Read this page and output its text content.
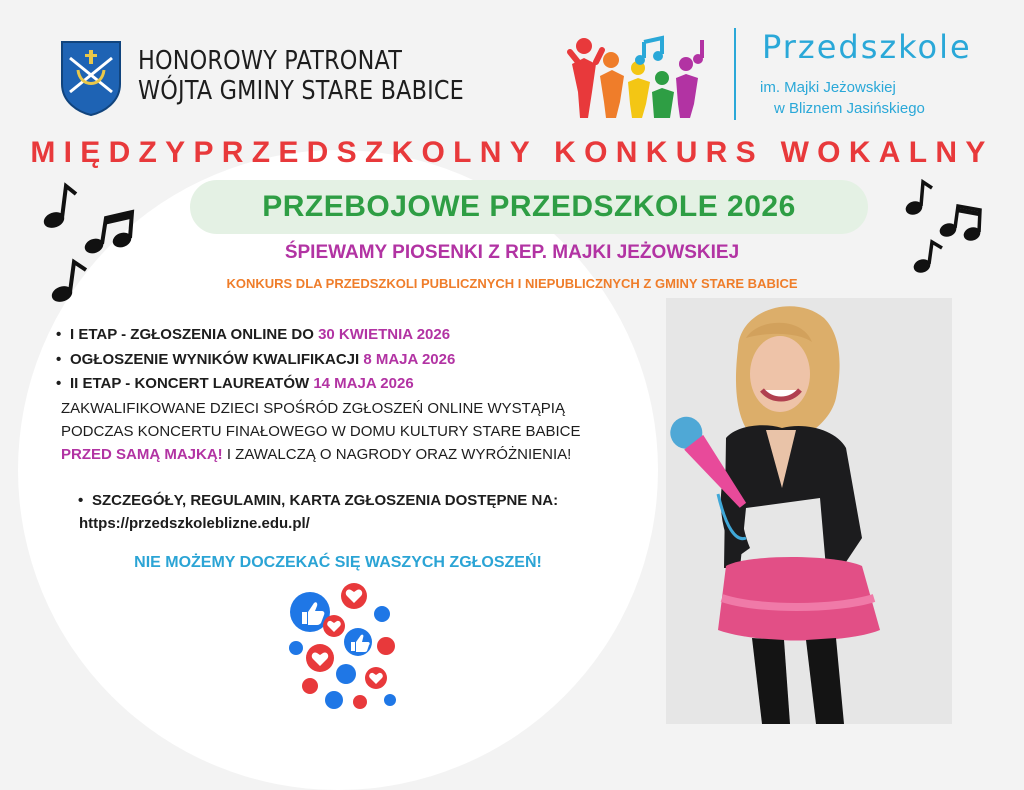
HONOROWY PATRONAT
WÓJTA GMINY STARE BABICE
Przedszkole
im. Majki Jeżowskiej
w Bliznem Jasińskiego
MIĘDZYPRZEDSZKOLNY KONKURS WOKALNY
PRZEBOJOWE PRZEDSZKOLE 2026
ŚPIEWAMY PIOSENKI Z REP. MAJKI JEŻOWSKIEJ
KONKURS DLA PRZEDSZKOLI PUBLICZNYCH I NIEPUBLICZNYCH Z GMINY STARE BABICE
• I ETAP - ZGŁOSZENIA ONLINE DO 30 KWIETNIA 2026
• OGŁOSZENIE WYNIKÓW KWALIFIKACJI 8 MAJA 2026
• II ETAP - KONCERT LAUREATÓW 14 MAJA 2026
ZAKWALIFIKOWANE DZIECI SPOŚRÓD ZGŁOSZEŃ ONLINE WYSTĄPIĄ
PODCZAS KONCERTU FINAŁOWEGO W DOMU KULTURY STARE BABICE
PRZED SAMĄ MAJKĄ! I ZAWALCZĄ O NAGRODY ORAZ WYRÓŻNIENIA!
• SZCZEGÓŁY, REGULAMIN, KARTA ZGŁOSZENIA DOSTĘPNE NA:
https://przedszkoleblizne.edu.pl/
NIE MOŻEMY DOCZEKAĆ SIĘ WASZYCH ZGŁOSZEŃ!
